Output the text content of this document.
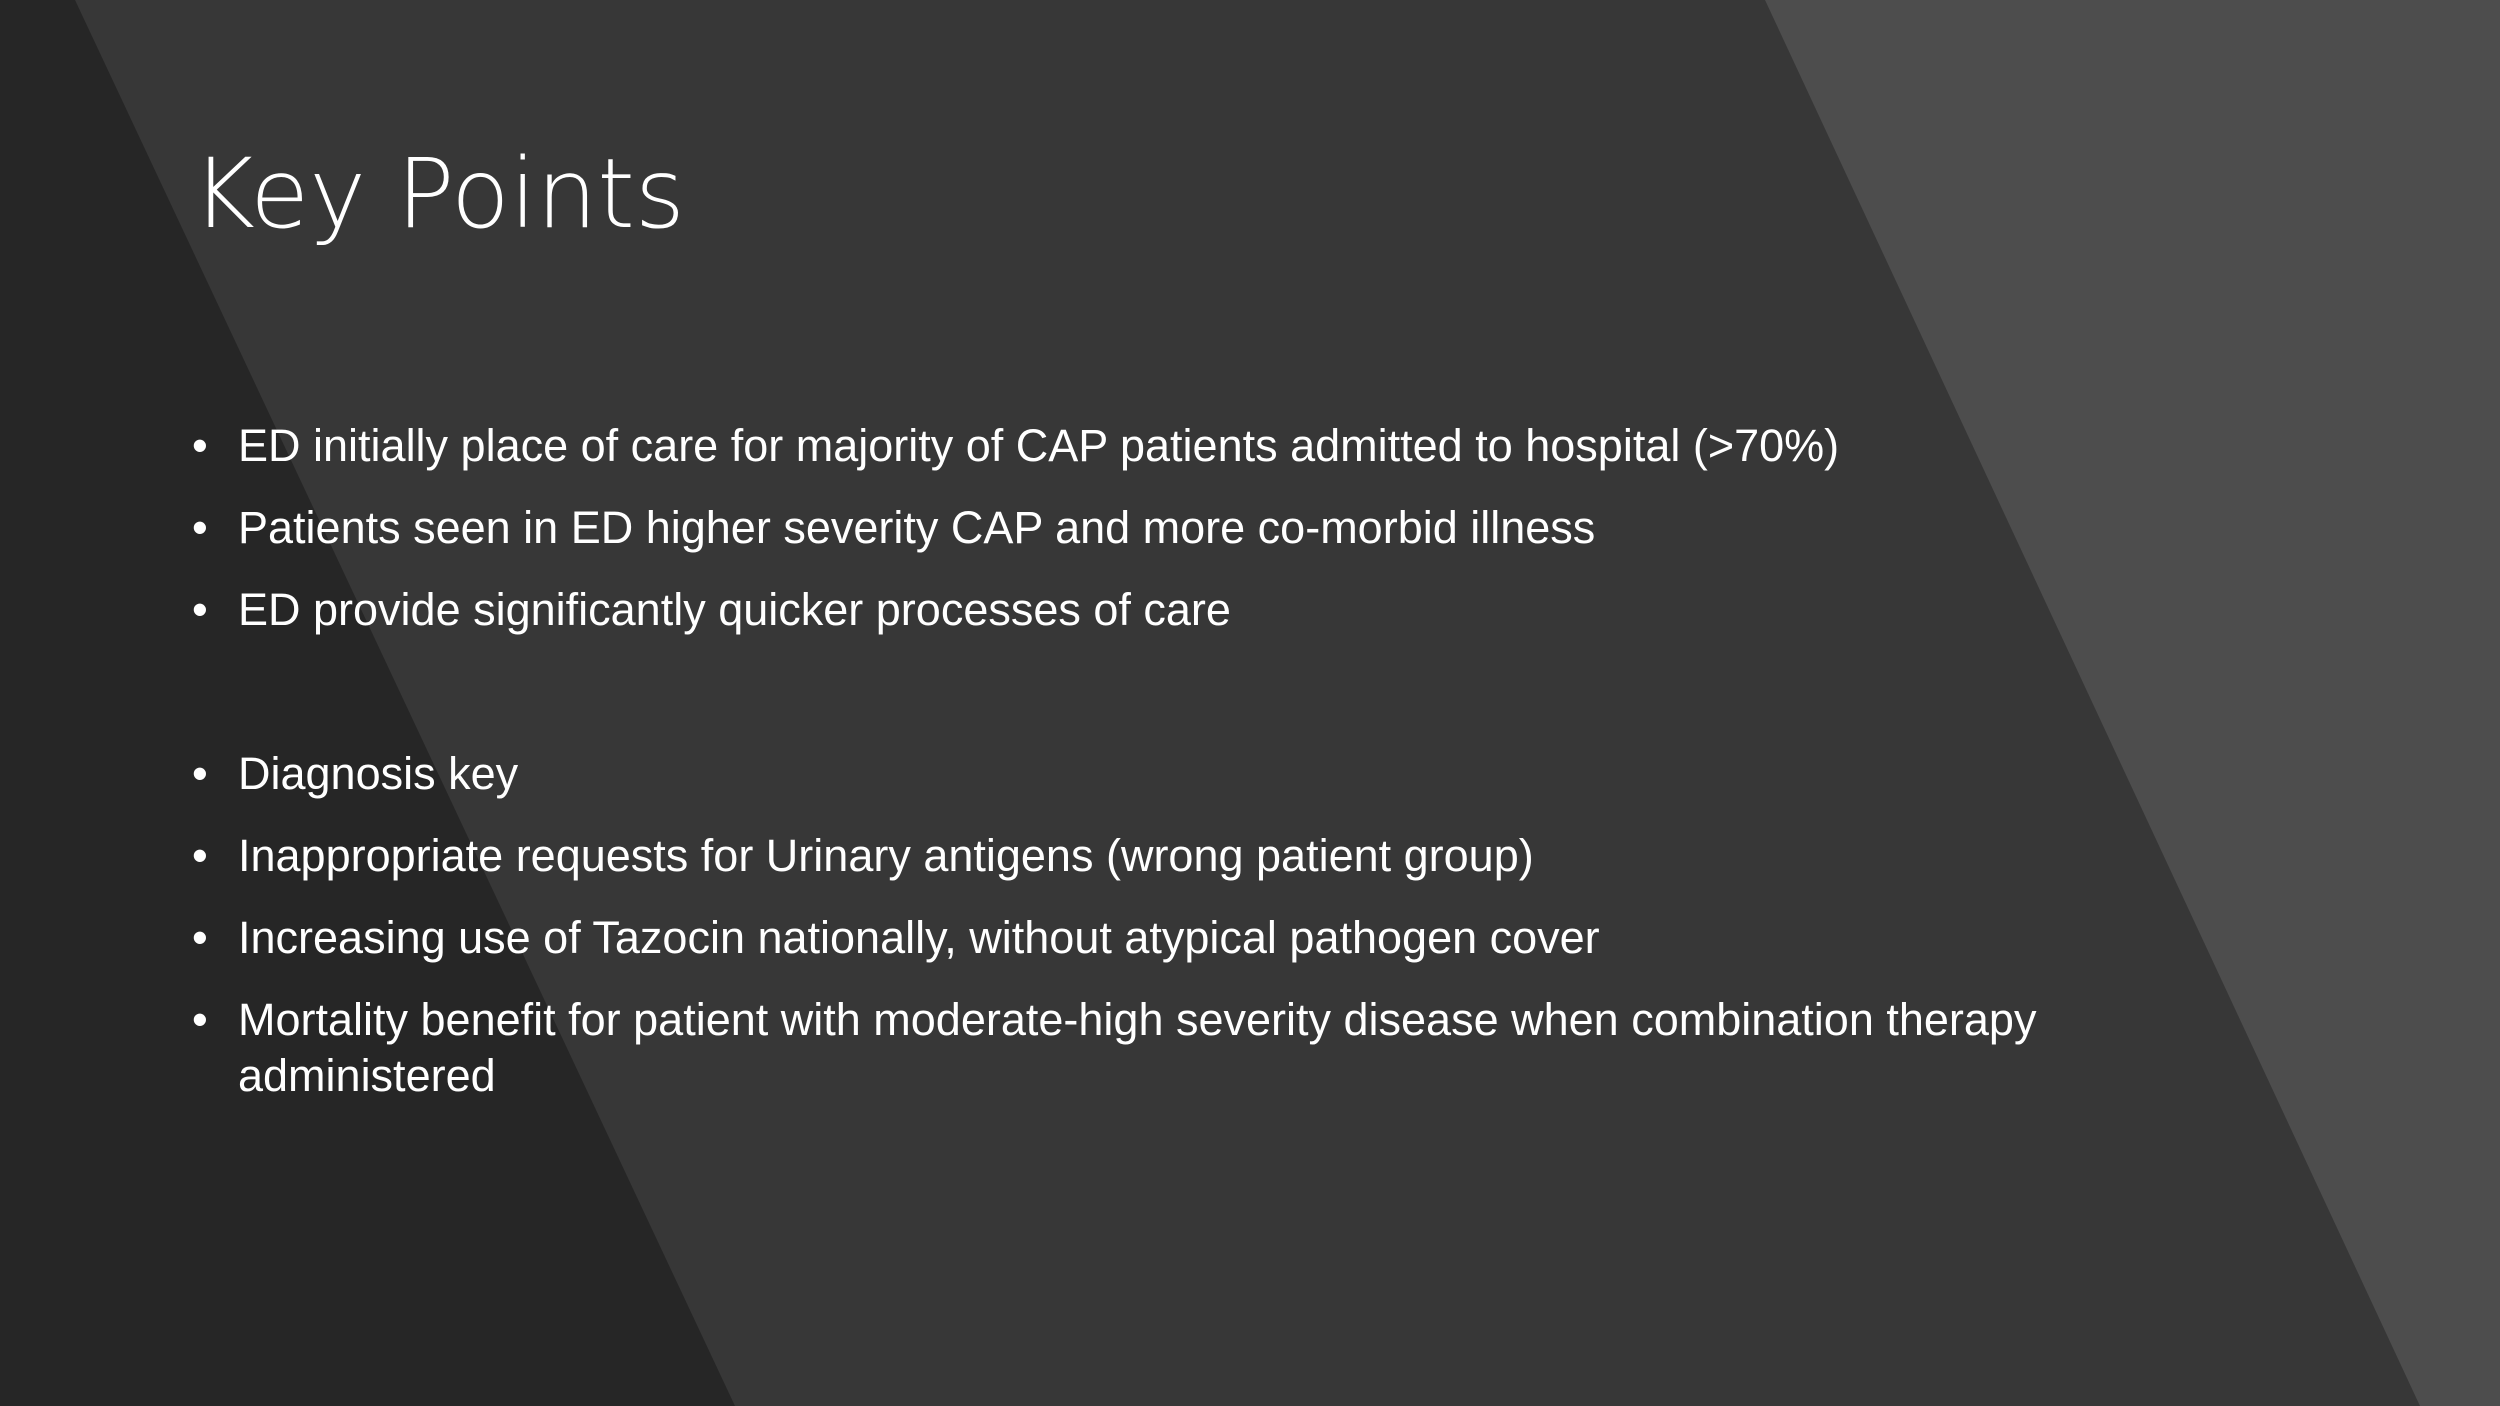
Key Points
• ED initially place of care for majority of CAP patients admitted to hospital (>70%)
• Patients seen in ED higher severity CAP and more co-morbid illness
• ED provide significantly quicker processes of care
• Diagnosis key
• Inappropriate requests for Urinary antigens (wrong patient group)
• Increasing use of Tazocin nationally, without atypical pathogen cover
• Mortality benefit for patient with moderate-high severity disease when combination therapy administered
